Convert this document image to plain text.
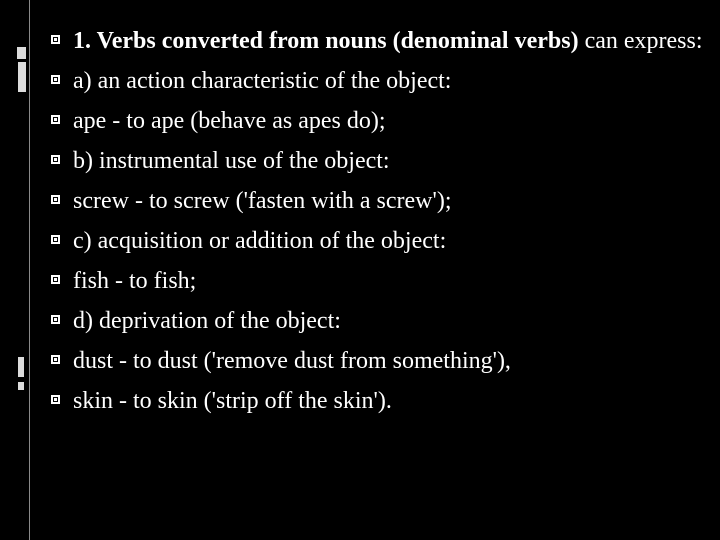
1. Verbs converted from nouns (denominal verbs) can express:
a) an action characteristic of the object:
ape - to ape (behave as apes do);
b) instrumental use of the object:
screw - to screw ('fasten with a screw');
c) acquisition or addition of the object:
fish - to fish;
d) deprivation of the object:
dust - to dust ('remove dust from something'),
skin - to skin ('strip off the skin').
